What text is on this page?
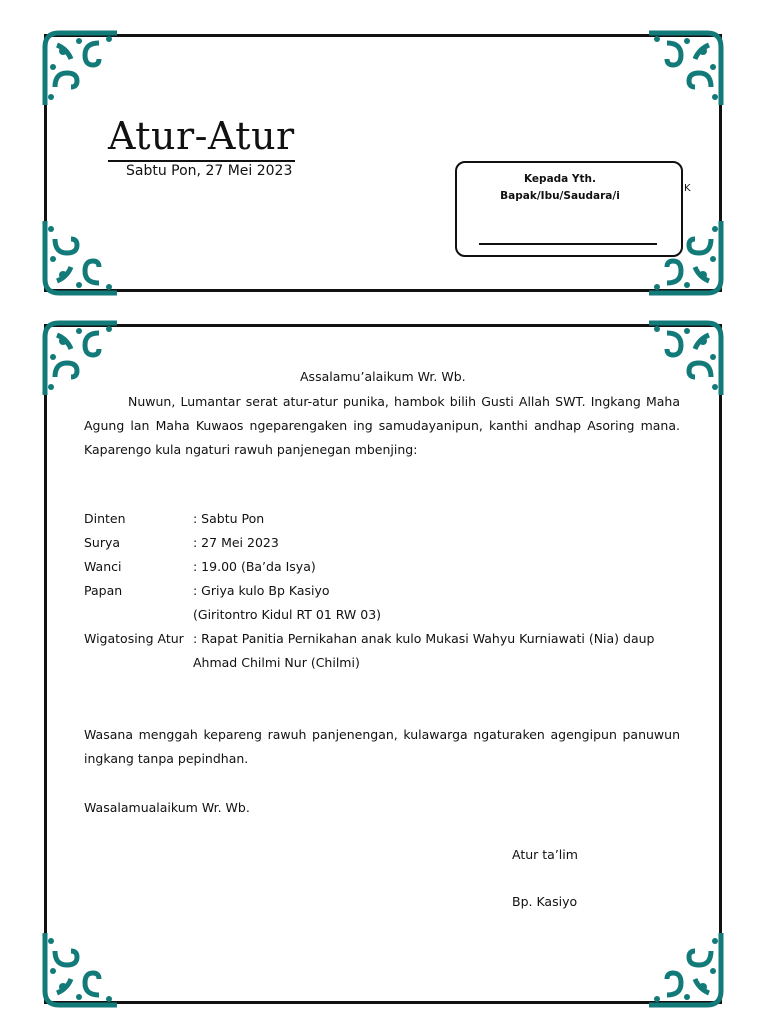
Atur-Atur
Sabtu Pon, 27 Mei 2023	Kepada Yth.
Bapak/Ibu/Saudara/i
K
Assalamu’alaikum Wr. Wb.
Nuwun, Lumantar serat atur-atur punika, hambok bilih Gusti Allah SWT. Ingkang Maha Agung lan Maha Kuwaos ngeparengaken ing samudayanipun, kanthi andhap Asoring mana. Kaparengo kula ngaturi rawuh panjenegan mbenjing:
Dinten	: Sabtu Pon
Surya	: 27 Mei 2023
Wanci	: 19.00 (Ba’da Isya)
Papan	: Griya kulo Bp Kasiyo
(Giritontro Kidul RT 01 RW 03)
Wigatosing Atur : Rapat Panitia Pernikahan anak kulo Mukasi Wahyu Kurniawati (Nia) daup
Ahmad Chilmi Nur (Chilmi)
Wasana menggah kepareng rawuh panjenengan, kulawarga ngaturaken agengipun panuwun ingkang tanpa pepindhan.
Wasalamualaikum Wr. Wb.
Atur ta’lim
Bp. Kasiyo
